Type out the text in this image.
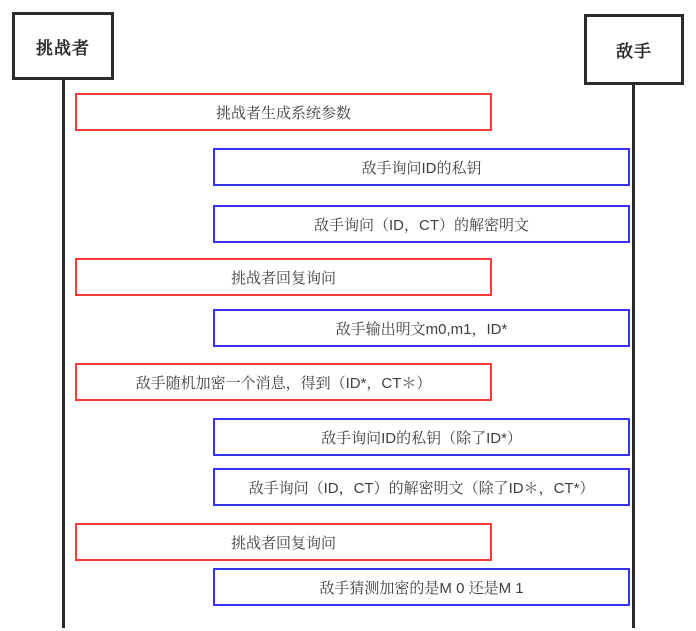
挑战者	敌手
挑战者生成系统参数
敌手询问ID的私钥
敌手询问（ID，CT）的解密明文
挑战者回复询问
敌手输出明文m0,m1，ID*
敌手随机加密一个消息，得到（ID*，CT＊）
敌手询问ID的私钥（除了ID*）
敌手询问（ID，CT）的解密明文（除了ID＊，CT*）
挑战者回复询问
敌手猜测加密的是M 0 还是M 1
